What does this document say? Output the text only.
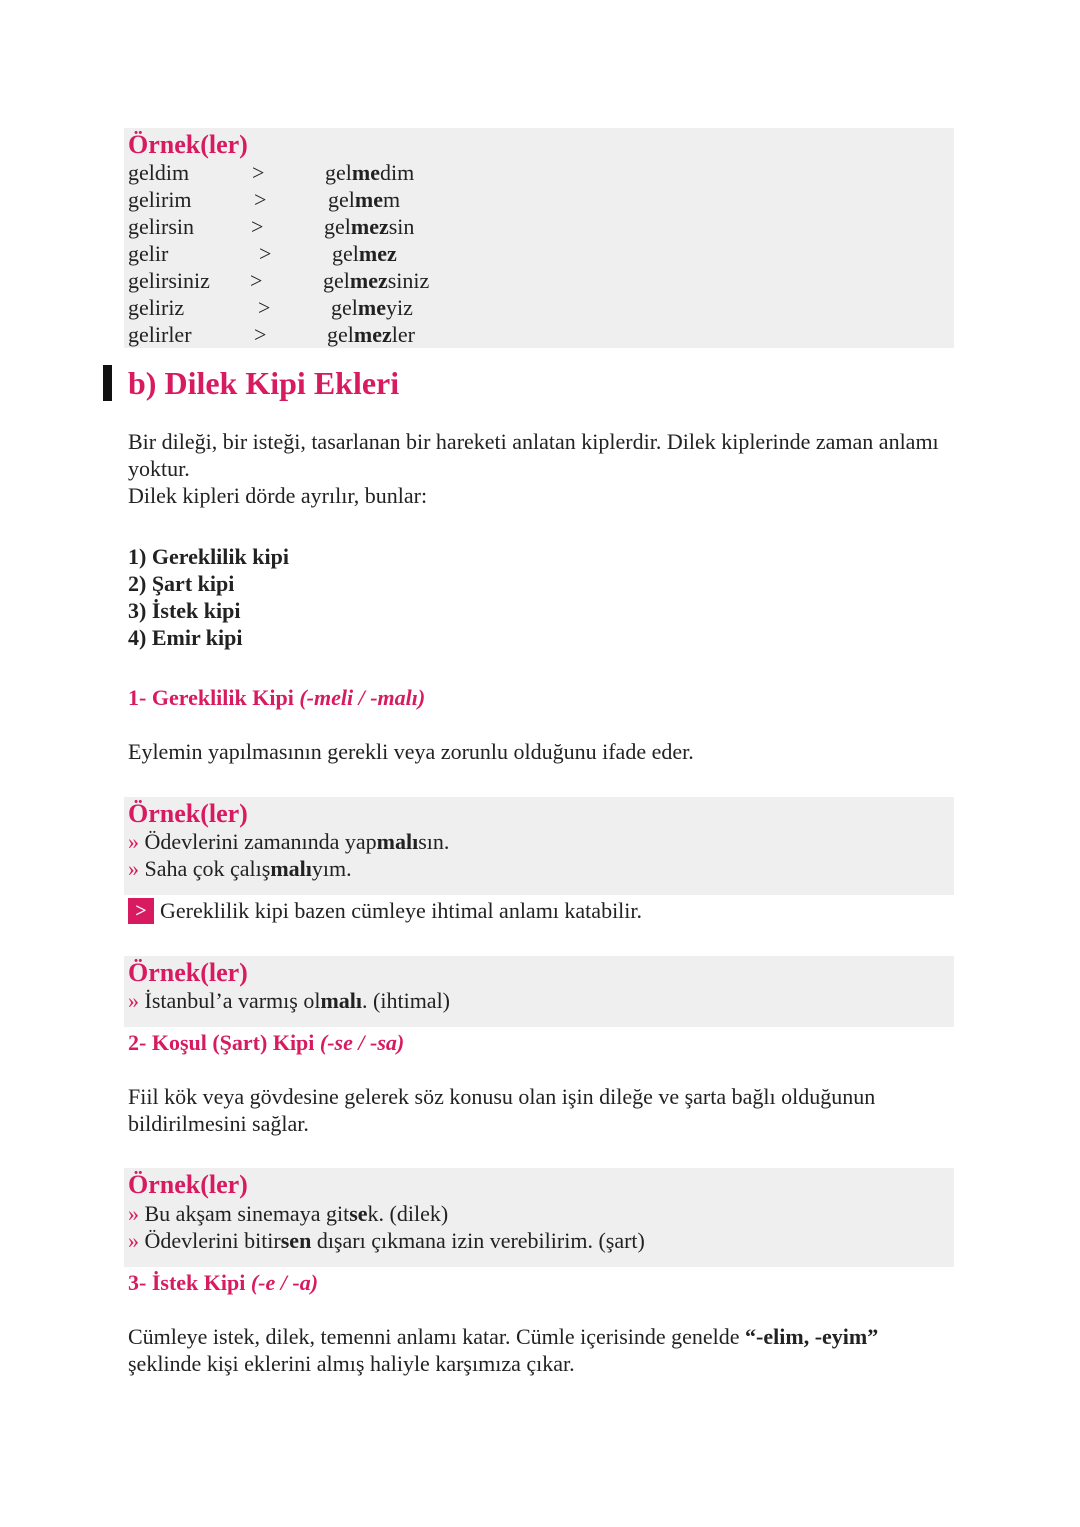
Örnek(ler)
geldim	>	gelmedim
gelirim	>	gelmem
gelirsin	>	gelmezsin
gelir	>	gelmez
gelirsiniz >	gelmezsiniz
geliriz	>	gelmeyiz
gelirler	>	gelmezler
b) Dilek Kipi Ekleri
Bir dileği, bir isteği, tasarlanan bir hareketi anlatan kiplerdir. Dilek kiplerinde zaman anlamı yoktur.
Dilek kipleri dörde ayrılır, bunlar:
1) Gereklilik kipi
2) Şart kipi
3) İstek kipi
4) Emir kipi
1- Gereklilik Kipi (-meli / -malı)
Eylemin yapılmasının gerekli veya zorunlu olduğunu ifade eder.
Örnek(ler)
» Ödevlerini zamanında yapmalısın.
» Saha çok çalışmalıyım.
> Gereklilik kipi bazen cümleye ihtimal anlamı katabilir.
Örnek(ler)
» İstanbul’a varmış olmalı. (ihtimal)
2- Koşul (Şart) Kipi (-se / -sa)
Fiil kök veya gövdesine gelerek söz konusu olan işin dileğe ve şarta bağlı olduğunun bildirilmesini sağlar.
Örnek(ler)
» Bu akşam sinemaya gitsek. (dilek)
» Ödevlerini bitirsen dışarı çıkmana izin verebilirim. (şart)
3- İstek Kipi (-e / -a)
Cümleye istek, dilek, temenni anlamı katar. Cümle içerisinde genelde “-elim, -eyim” şeklinde kişi eklerini almış haliyle karşımıza çıkar.
